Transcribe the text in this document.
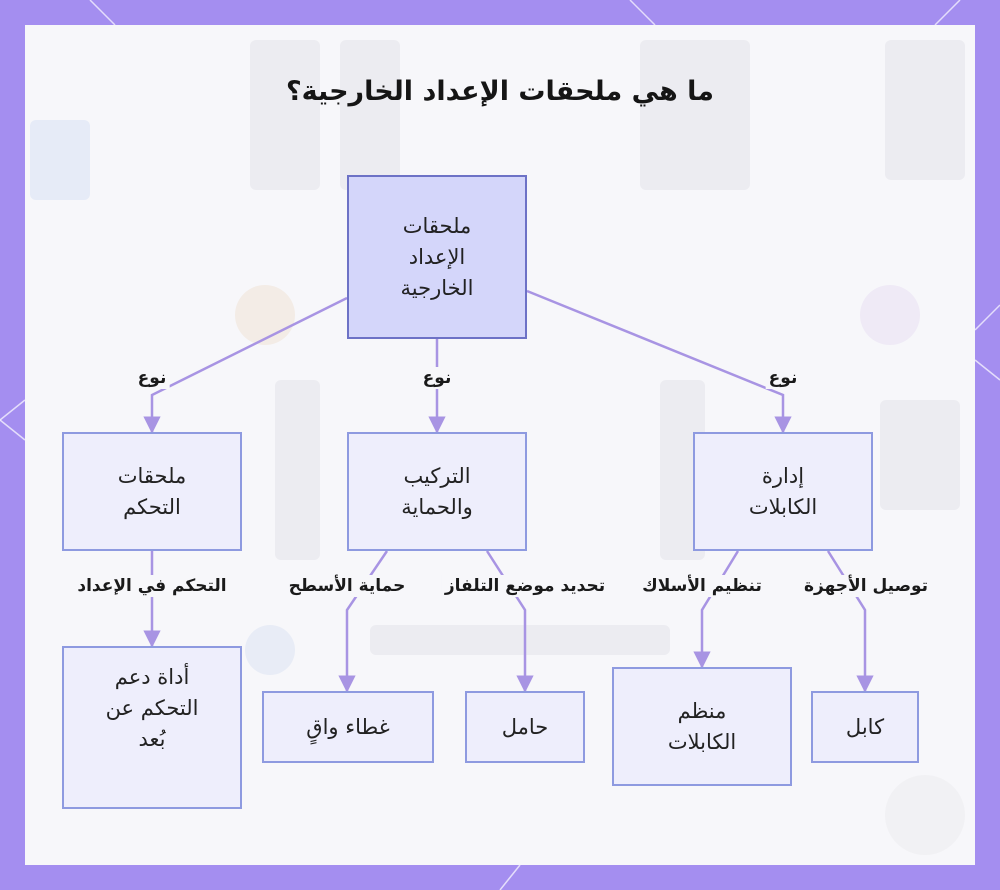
ما هي ملحقات الإعداد الخارجية؟
ملحقات
الإعداد
الخارجية
ملحقات
التحكم
التركيب
والحماية
إدارة
الكابلات
أداة دعم
التحكم عن
بُعد
غطاء واقٍ	حامل
منظم
الكابلات
كابل
نوع	نوع	نوع
التحكم في الإعداد	حماية الأسطح تحديد موضع التلفاز تنظيم الأسلاك توصيل الأجهزة
